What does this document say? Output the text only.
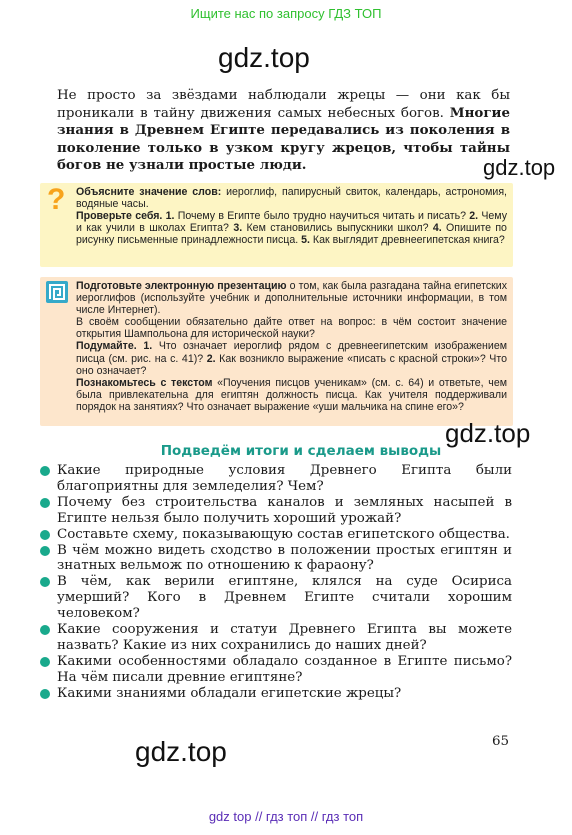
Ищите нас по запросу ГДЗ ТОП
gdz.top
Не просто за звёздами наблюдали жрецы — они как бы проникали в тайну движения самых небесных богов. Многие знания в Древнем Египте передавались из поколения в поколение только в узком кругу жрецов, чтобы тайны богов не узнали простые люди.	gdz.top
? Объясните значение слов: иероглиф, папирусный свиток, календарь, астрономия, водяные часы.
Проверьте себя. 1. Почему в Египте было трудно научиться читать и писать? 2. Чему и как учили в школах Египта? 3. Кем становились выпускники школ? 4. Опишите по рисунку письменные принадлежности писца. 5. Как выглядит древнеегипетская книга?
Подготовьте электронную презентацию о том, как была разгадана тайна египетских иероглифов (используйте учебник и дополнительные источники информации, в том числе Интернет).
В своём сообщении обязательно дайте ответ на вопрос: в чём состоит значение открытия Шампольона для исторической науки?
Подумайте. 1. Что означает иероглиф рядом с древнеегипетским изображением писца (см. рис. на с. 41)? 2. Как возникло выражение «писать с красной строки»? Что оно означает?
Познакомьтесь с текстом «Поучения писцов ученикам» (см. с. 64) и ответьте, чем была привлекательна для египтян должность писца. Как учителя поддерживали порядок на занятиях? Что означает выражение «уши мальчика на спине его»?
gdz.top
Подведём итоги и сделаем выводы
Какие природные условия Древнего Египта были благоприятны для земледелия? Чем?
Почему без строительства каналов и земляных насыпей в Египте нельзя было получить хороший урожай?
Составьте схему, показывающую состав египетского общества.
В чём можно видеть сходство в положении простых египтян и знатных вельмож по отношению к фараону?
В чём, как верили египтяне, клялся на суде Осириса умерший? Кого в Древнем Египте считали хорошим человеком?
Какие сооружения и статуи Древнего Египта вы можете назвать? Какие из них сохранились до наших дней?
Какими особенностями обладало созданное в Египте письмо? На чём писали древние египтяне?
Какими знаниями обладали египетские жрецы?
65
gdz.top
gdz top // гдз топ // гдз топ
